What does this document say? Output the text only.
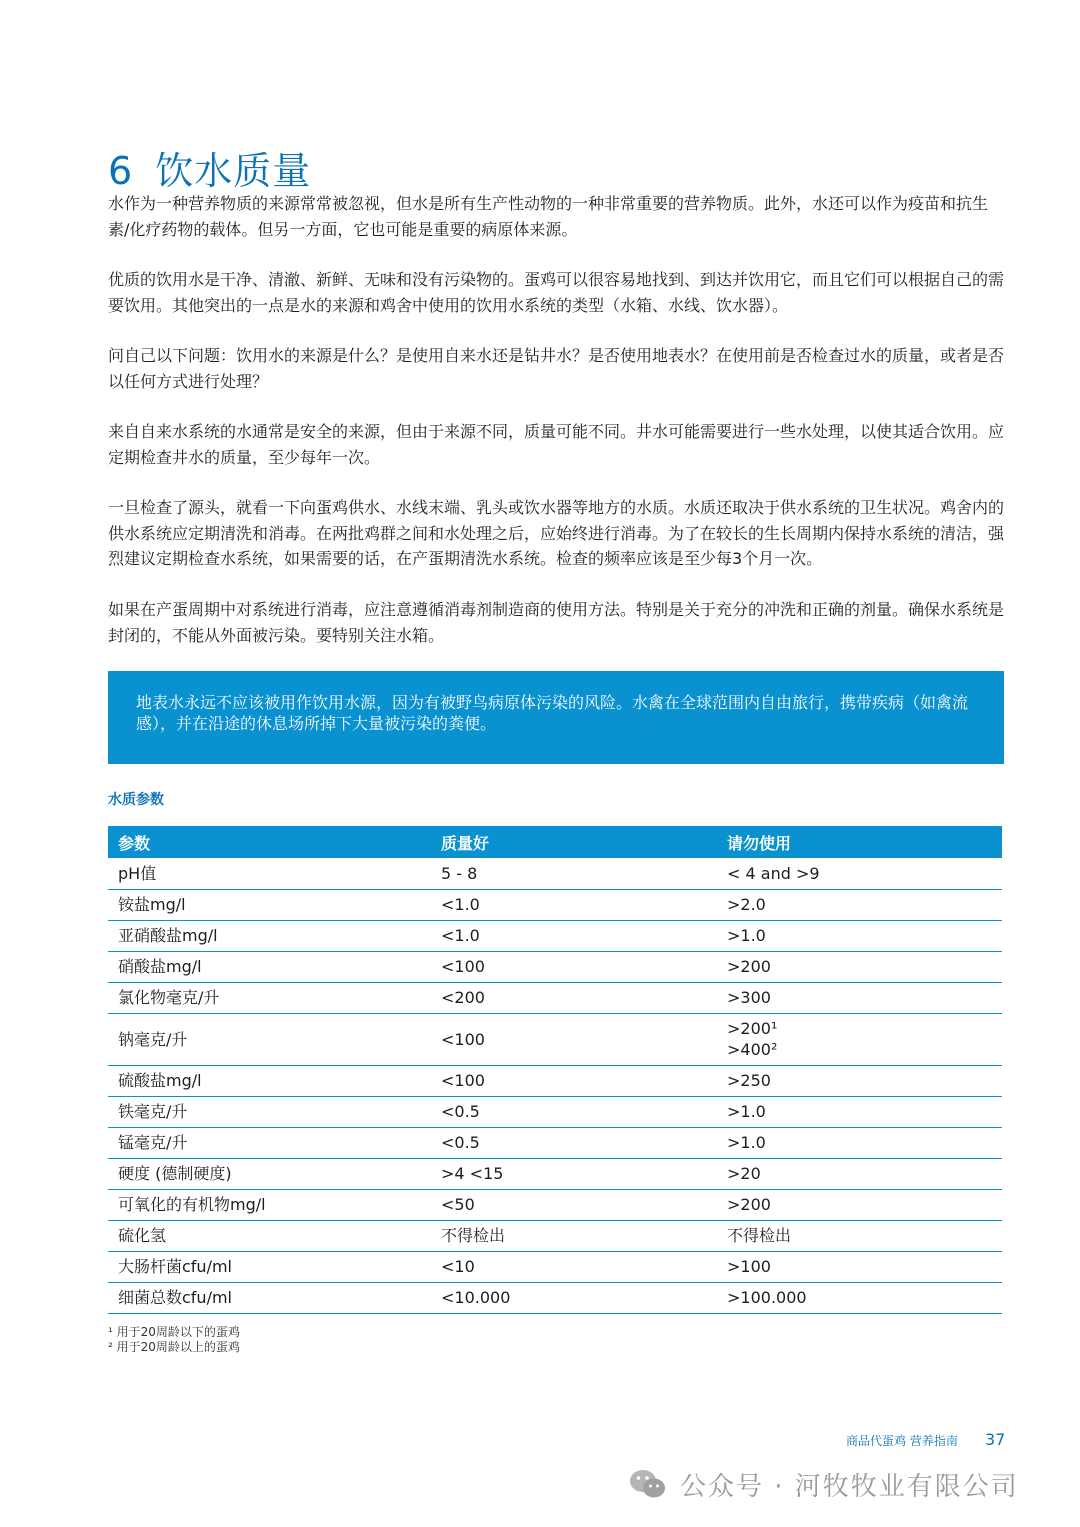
6 饮水质量

水作为一种营养物质的来源常常被忽视，但水是所有生产性动物的一种非常重要的营养物质。此外，水还可以作为疫苗和抗生素/化疗药物的载体。但另一方面，它也可能是重要的病原体来源。

优质的饮用水是干净、清澈、新鲜、无味和没有污染物的。蛋鸡可以很容易地找到、到达并饮用它，而且它们可以根据自己的需要饮用。其他突出的一点是水的来源和鸡舍中使用的饮用水系统的类型（水箱、水线、饮水器）。

问自己以下问题：饮用水的来源是什么？是使用自来水还是钻井水？是否使用地表水？在使用前是否检查过水的质量，或者是否以任何方式进行处理？

来自自来水系统的水通常是安全的来源，但由于来源不同，质量可能不同。井水可能需要进行一些水处理，以使其适合饮用。应定期检查井水的质量，至少每年一次。

一旦检查了源头，就看一下向蛋鸡供水、水线末端、乳头或饮水器等地方的水质。水质还取决于供水系统的卫生状况。鸡舍内的供水系统应定期清洗和消毒。在两批鸡群之间和水处理之后，应始终进行消毒。为了在较长的生长周期内保持水系统的清洁，强烈建议定期检查水系统，如果需要的话，在产蛋期清洗水系统。检查的频率应该是至少每3个月一次。

如果在产蛋周期中对系统进行消毒，应注意遵循消毒剂制造商的使用方法。特别是关于充分的冲洗和正确的剂量。确保水系统是封闭的，不能从外面被污染。要特别关注水箱。

地表水永远不应该被用作饮用水源，因为有被野鸟病原体污染的风险。水禽在全球范围内自由旅行，携带疾病（如禽流感），并在沿途的休息场所掉下大量被污染的粪便。
水质参数
参数	质量好	请勿使用
pH值	5 - 8	< 4 and >9
铵盐mg/l	<1.0	>2.0
亚硝酸盐mg/l	<1.0	>1.0
硝酸盐mg/l	<100	>200
氯化物毫克/升	<200	>300
钠毫克/升	<100	>200¹
>400²

硫酸盐mg/l	<100	>250
铁毫克/升	<0.5	>1.0
锰毫克/升	<0.5	>1.0
硬度 (德制硬度)	>4 <15	>20
可氧化的有机物mg/l	<50	>200
硫化氢	不得检出	不得检出
大肠杆菌cfu/ml	<10	>100
细菌总数cfu/ml	<10.000	>100.000
¹ 用于20周龄以下的蛋鸡
² 用于20周龄以上的蛋鸡
商品代蛋鸡 营养指南 37
公众号 · 河牧牧业有限公司
